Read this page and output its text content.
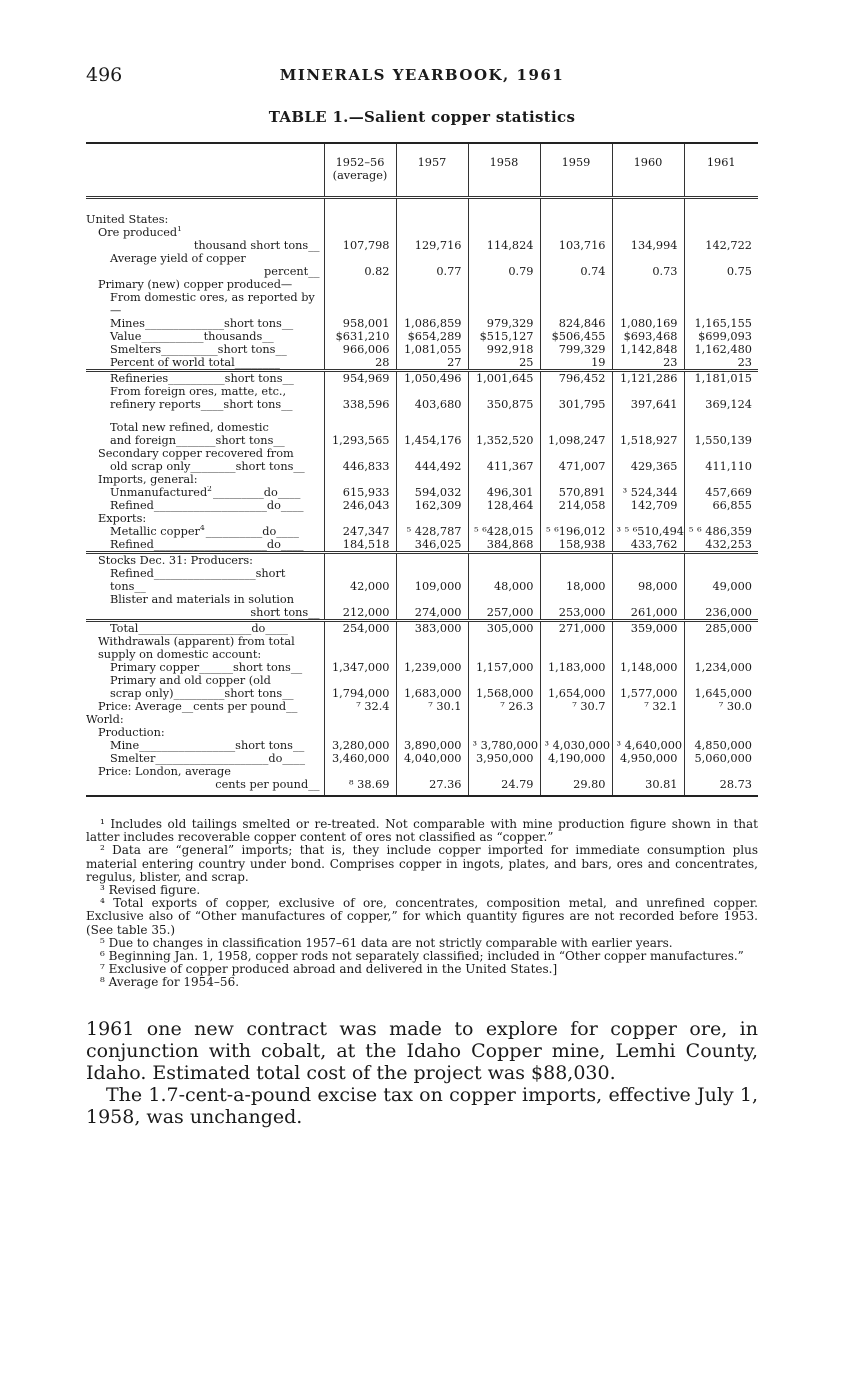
496	MINERALS YEARBOOK, 1961
TABLE 1.—Salient copper statistics
	1952–56 (average)	1957	1958	1959	1960	1961
United States:						
Ore produced$^1$						
thousand short tons__	107,798	129,716	114,824	103,716	134,994	142,722
Average yield of copper						
percent__	0.82	0.77	0.79	0.74	0.73	0.75
Primary (new) copper produced—						
From domestic ores, as reported by—						
Mines______________short tons__	958,001	1,086,859	979,329	824,846	1,080,169	1,165,155
Value___________thousands__	$631,210	$654,289	$515,127	$506,455	$693,468	$699,093
Smelters__________short tons__	966,006	1,081,055	992,918	799,329	1,142,848	1,162,480
Percent of world total________	28	27	25	19	23	23
Refineries__________short tons__	954,969	1,050,496	1,001,645	796,452	1,121,286	1,181,015
From foreign ores, matte, etc.,						
refinery reports____short tons__	338,596	403,680	350,875	301,795	397,641	369,124

Total new refined, domestic						
and foreign_______short tons__	1,293,565	1,454,176	1,352,520	1,098,247	1,518,927	1,550,139
Secondary copper recovered from						
old scrap only________short tons__	446,833	444,492	411,367	471,007	429,365	411,110
Imports, general:						
Unmanufactured$^2$_________do____	615,933	594,032	496,301	570,891	³ 524,344	457,669
Refined____________________do____	246,043	162,309	128,464	214,058	142,709	66,855
Exports:						
Metallic copper$^4$__________do____	247,347	⁵ 428,787	⁵ ⁶428,015	⁵ ⁶196,012	³ ⁵ ⁶510,494	⁵ ⁶ 486,359
Refined____________________do____	184,518	346,025	384,868	158,938	433,762	432,253
Stocks Dec. 31: Producers:						
Refined__________________short tons__	42,000	109,000	48,000	18,000	98,000	49,000
Blister and materials in solution						
short tons__	212,000	274,000	257,000	253,000	261,000	236,000
Total____________________do____	254,000	383,000	305,000	271,000	359,000	285,000
Withdrawals (apparent) from total supply on domestic account:						
Primary copper______short tons__	1,347,000	1,239,000	1,157,000	1,183,000	1,148,000	1,234,000
Primary and old copper (old						
scrap only)_________short tons__	1,794,000	1,683,000	1,568,000	1,654,000	1,577,000	1,645,000
Price: Average__cents per pound__	⁷ 32.4	⁷ 30.1	⁷ 26.3	⁷ 30.7	⁷ 32.1	⁷ 30.0
World:						
Production:						
Mine_________________short tons__	3,280,000	3,890,000	³ 3,780,000	³ 4,030,000	³ 4,640,000	4,850,000
Smelter____________________do____	3,460,000	4,040,000	3,950,000	4,190,000	4,950,000	5,060,000
Price: London, average						
cents per pound__	⁸ 38.69	27.36	24.79	29.80	30.81	28.73

¹ Includes old tailings smelted or re-treated. Not comparable with mine production figure shown in that latter includes recoverable copper content of ores not classified as “copper.”

² Data are “general” imports; that is, they include copper imported for immediate consumption plus material entering country under bond. Comprises copper in ingots, plates, and bars, ores and concentrates, regulus, blister, and scrap.

³ Revised figure.

⁴ Total exports of copper, exclusive of ore, concentrates, composition metal, and unrefined copper. Exclusive also of “Other manufactures of copper,” for which quantity figures are not recorded before 1953. (See table 35.)

⁵ Due to changes in classification 1957–61 data are not strictly comparable with earlier years.

⁶ Beginning Jan. 1, 1958, copper rods not separately classified; included in “Other copper manufactures.”

⁷ Exclusive of copper produced abroad and delivered in the United States.]

⁸ Average for 1954–56.

1961 one new contract was made to explore for copper ore, in conjunction with cobalt, at the Idaho Copper mine, Lemhi County, Idaho. Estimated total cost of the project was $88,030.

The 1.7-cent-a-pound excise tax on copper imports, effective July 1, 1958, was unchanged.
